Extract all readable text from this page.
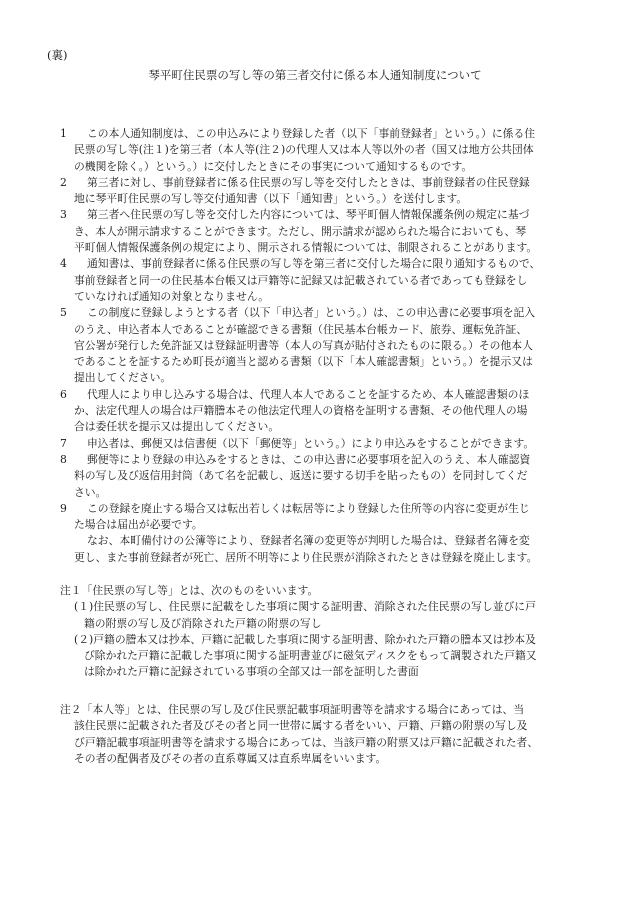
(裏)
琴平町住民票の写し等の第三者交付に係る本人通知制度について
1	この本人通知制度は、この申込みにより登録した者（以下「事前登録者」という。）に係る住
民票の写し等(注１)を第三者（本人等(注２)の代理人又は本人等以外の者（国又は地方公共団体
の機関を除く。）という。）に交付したときにその事実について通知するものです。
2	第三者に対し、事前登録者に係る住民票の写し等を交付したときは、事前登録者の住民登録
地に琴平町住民票の写し等交付通知書（以下「通知書」という。）を送付します。
3	第三者へ住民票の写し等を交付した内容については、琴平町個人情報保護条例の規定に基づ
き、本人が開示請求することができます。ただし、開示請求が認められた場合においても、琴
平町個人情報保護条例の規定により、開示される情報については、制限されることがあります。
4	通知書は、事前登録者に係る住民票の写し等を第三者に交付した場合に限り通知するもので、
事前登録者と同一の住民基本台帳又は戸籍等に記録又は記載されている者であっても登録をし
ていなければ通知の対象となりません。
5	この制度に登録しようとする者（以下「申込者」という。）は、この申込書に必要事項を記入
のうえ、申込者本人であることが確認できる書類（住民基本台帳カード、旅券、運転免許証、
官公署が発行した免許証又は登録証明書等（本人の写真が貼付されたものに限る。）その他本人
であることを証するため町長が適当と認める書類（以下「本人確認書類」という。）を提示又は
提出してください。
6	代理人により申し込みする場合は、代理人本人であることを証するため、本人確認書類のほ
か、法定代理人の場合は戸籍謄本その他法定代理人の資格を証明する書類、その他代理人の場
合は委任状を提示又は提出してください。
7	申込者は、郵便又は信書便（以下「郵便等」という。）により申込みをすることができます。
8	郵便等により登録の申込みをするときは、この申込書に必要事項を記入のうえ、本人確認資
料の写し及び返信用封筒（あて名を記載し、返送に要する切手を貼ったもの）を同封してくだ
さい。
9	この登録を廃止する場合又は転出若しくは転居等により登録した住所等の内容に変更が生じ
た場合は届出が必要です。
なお、本町備付けの公簿等により、登録者名簿の変更等が判明した場合は、登録者名簿を変
更し、また事前登録者が死亡、居所不明等により住民票が消除されたときは登録を廃止します。
注１「住民票の写し等」とは、次のものをいいます。
(１)住民票の写し、住民票に記載をした事項に関する証明書、消除された住民票の写し並びに戸
籍の附票の写し及び消除された戸籍の附票の写し
(２)戸籍の謄本又は抄本、戸籍に記載した事項に関する証明書、除かれた戸籍の謄本又は抄本及
び除かれた戸籍に記載した事項に関する証明書並びに磁気ディスクをもって調製された戸籍又
は除かれた戸籍に記録されている事項の全部又は一部を証明した書面
注２「本人等」とは、住民票の写し及び住民票記載事項証明書等を請求する場合にあっては、当
該住民票に記載された者及びその者と同一世帯に属する者をいい、戸籍、戸籍の附票の写し及
び戸籍記載事項証明書等を請求する場合にあっては、当該戸籍の附票又は戸籍に記載された者、
その者の配偶者及びその者の直系尊属又は直系卑属をいいます。
